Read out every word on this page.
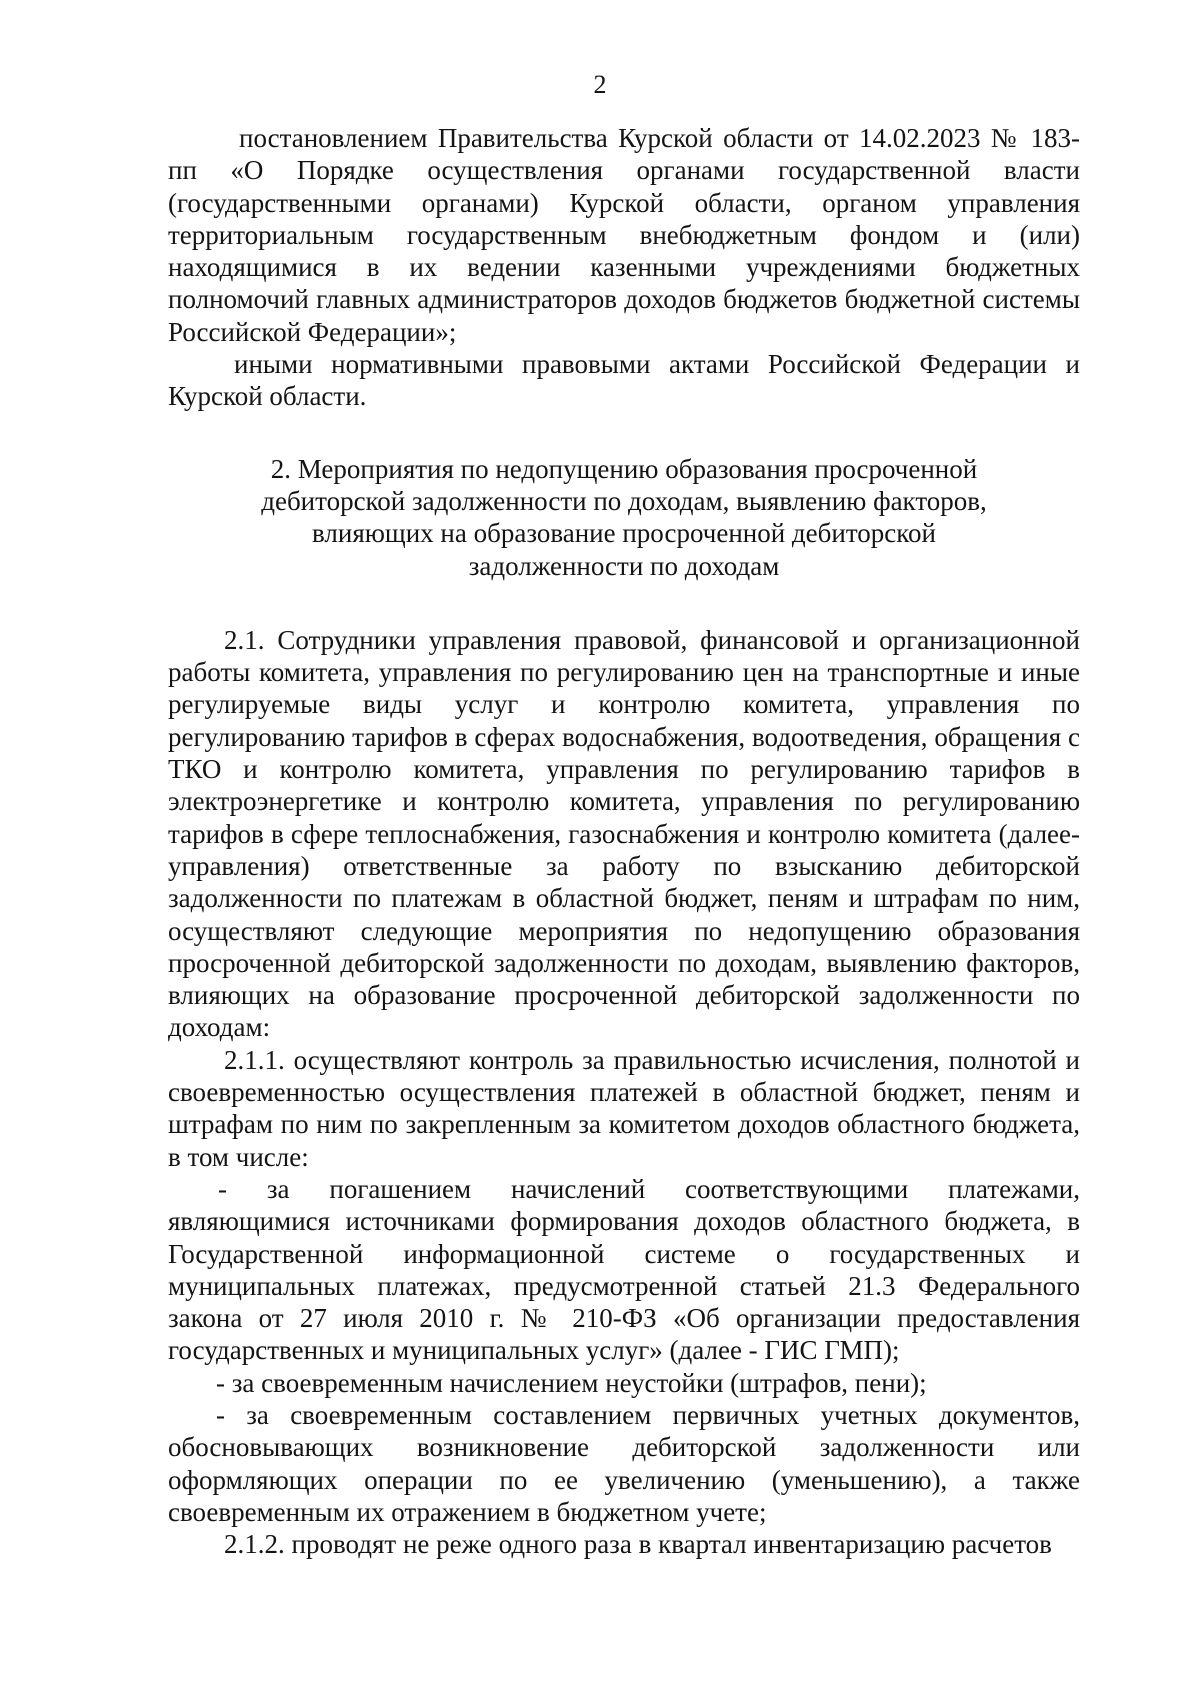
2

постановлением Правительства Курской области от 14.02.2023 № 183-пп «О Порядке осуществления органами государственной власти (государственными органами) Курской области, органом управления территориальным государственным внебюджетным фондом и (или) находящимися в их ведении казенными учреждениями бюджетных полномочий главных администраторов доходов бюджетов бюджетной системы Российской Федерации»;

иными нормативными правовыми актами Российской Федерации и Курской области.

2. Мероприятия по недопущению образования просроченной
дебиторской задолженности по доходам, выявлению факторов,
влияющих на образование просроченной дебиторской
задолженности по доходам

2.1. Сотрудники управления правовой, финансовой и организационной работы комитета, управления по регулированию цен на транспортные и иные регулируемые виды услуг и контролю комитета, управления по регулированию тарифов в сферах водоснабжения, водоотведения, обращения с ТКО и контролю комитета, управления по регулированию тарифов в электроэнергетике и контролю комитета, управления по регулированию тарифов в сфере теплоснабжения, газоснабжения и контролю комитета (далее-управления) ответственные за работу по взысканию дебиторской задолженности по платежам в областной бюджет, пеням и штрафам по ним, осуществляют следующие мероприятия по недопущению образования просроченной дебиторской задолженности по доходам, выявлению факторов, влияющих на образование просроченной дебиторской задолженности по доходам:

2.1.1. осуществляют контроль за правильностью исчисления, полнотой и своевременностью осуществления платежей в областной бюджет, пеням и штрафам по ним по закрепленным за комитетом доходов областного бюджета, в том числе:

- за погашением начислений соответствующими платежами, являющимися источниками формирования доходов областного бюджета, в Государственной информационной системе о государственных и муниципальных платежах, предусмотренной статьей 21.3 Федерального закона от 27 июля 2010 г. № 210-ФЗ «Об организации предоставления государственных и муниципальных услуг» (далее - ГИС ГМП);

- за своевременным начислением неустойки (штрафов, пени);

- за своевременным составлением первичных учетных документов, обосновывающих возникновение дебиторской задолженности или оформляющих операции по ее увеличению (уменьшению), а также своевременным их отражением в бюджетном учете;

2.1.2. проводят не реже одного раза в квартал инвентаризацию расчетов
